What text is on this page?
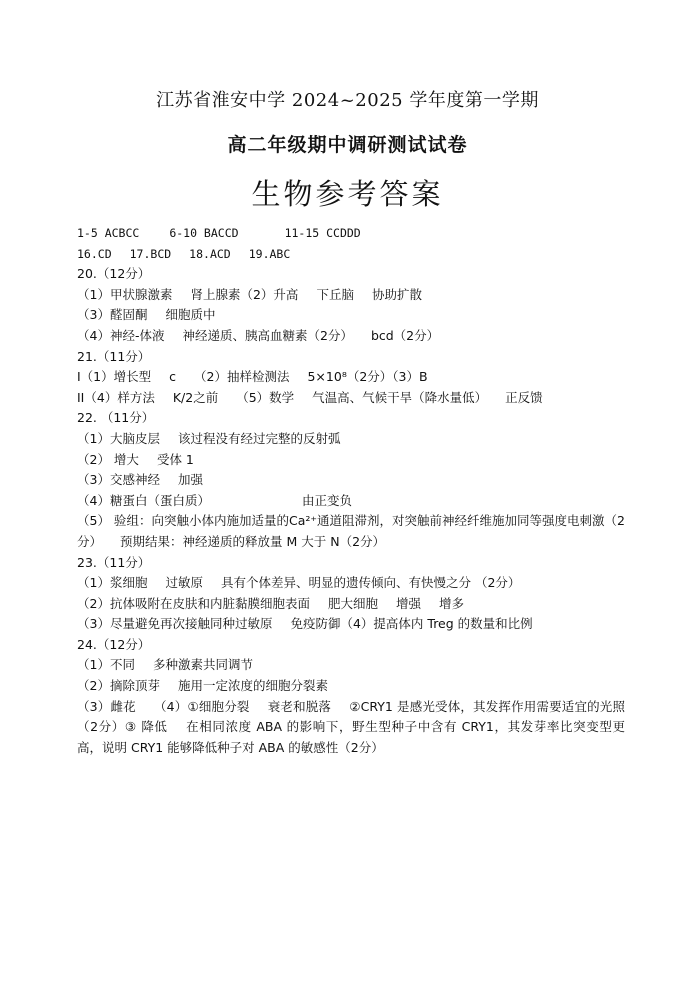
江苏省淮安中学 2024~2025 学年度第一学期
高二年级期中调研测试试卷
生物参考答案
1-5 ACBCC	6-10 BACCD	11-15 CCDDD
16.CD 17.BCD 18.ACD 19.ABC
20.（12分）
（1）甲状腺激素 肾上腺素（2）升高 下丘脑 协助扩散
（3）醛固酮 细胞质中
（4）神经-体液 神经递质、胰高血糖素（2分） bcd（2分）
21.（11分）
I（1）增长型 c （2）抽样检测法 5×10⁸（2分）（3）B
II（4）样方法 K/2之前 （5）数学 气温高、气候干旱（降水量低） 正反馈
22. （11分）
（1）大脑皮层 该过程没有经过完整的反射弧
（2） 增大 受体 1
（3）交感神经 加强
（4）糖蛋白（蛋白质）	由正变负
（5） 验组：向突触小体内施加适量的Ca²⁺通道阻滞剂，对突触前神经纤维施加同等强度电刺激（2分） 预期结果：神经递质的释放量 M 大于 N（2分）
23.（11分）
（1）浆细胞 过敏原 具有个体差异、明显的遗传倾向、有快慢之分 （2分）
（2）抗体吸附在皮肤和内脏黏膜细胞表面 肥大细胞 增强 增多
（3）尽量避免再次接触同种过敏原 免疫防御（4）提高体内 Treg 的数量和比例
24.（12分）
（1）不同 多种激素共同调节
（2）摘除顶芽 施用一定浓度的细胞分裂素
（3）雌花 （4）①细胞分裂 衰老和脱落 ②CRY1 是感光受体，其发挥作用需要适宜的光照（2分）③ 降低 在相同浓度 ABA 的影响下，野生型种子中含有 CRY1，其发芽率比突变型更高，说明 CRY1 能够降低种子对 ABA 的敏感性（2分）
